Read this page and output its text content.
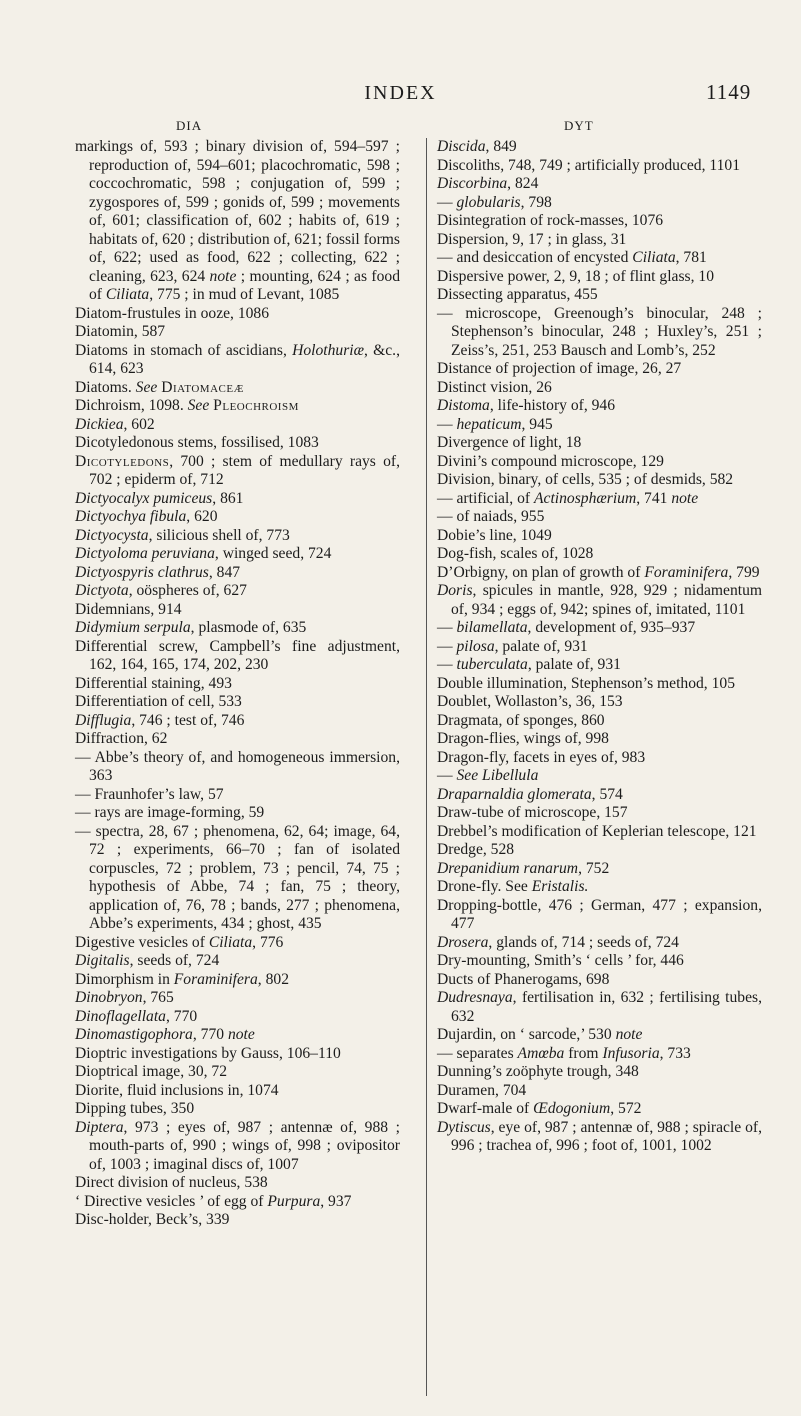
INDEX	1149
DIA	DYT

markings of, 593 ; binary division of, 594–597 ; reproduction of, 594–601; placochromatic, 598 ; coccochromatic, 598 ; conjugation of, 599 ; zygospores of, 599 ; gonids of, 599 ; movements of, 601; classification of, 602 ; habits of, 619 ; habitats of, 620 ; distribution of, 621; fossil forms of, 622; used as food, 622 ; collecting, 622 ; cleaning, 623, 624 note ; mounting, 624 ; as food of Ciliata, 775 ; in mud of Levant, 1085

Diatom-frustules in ooze, 1086

Diatomin, 587

Diatoms in stomach of ascidians, Holothuriæ, &c., 614, 623

Diatoms. See Diatomaceæ

Dichroism, 1098. See Pleochroism

Dickiea, 602

Dicotyledonous stems, fossilised, 1083

Dicotyledons, 700 ; stem of medullary rays of, 702 ; epiderm of, 712

Dictyocalyx pumiceus, 861

Dictyochya fibula, 620

Dictyocysta, silicious shell of, 773

Dictyoloma peruviana, winged seed, 724

Dictyospyris clathrus, 847

Dictyota, oöspheres of, 627

Didemnians, 914

Didymium serpula, plasmode of, 635

Differential screw, Campbell’s fine adjustment, 162, 164, 165, 174, 202, 230

Differential staining, 493

Differentiation of cell, 533

Difflugia, 746 ; test of, 746

Diffraction, 62

— Abbe’s theory of, and homogeneous immersion, 363

— Fraunhofer’s law, 57

— rays are image-forming, 59

— spectra, 28, 67 ; phenomena, 62, 64; image, 64, 72 ; experiments, 66–70 ; fan of isolated corpuscles, 72 ; problem, 73 ; pencil, 74, 75 ; hypothesis of Abbe, 74 ; fan, 75 ; theory, application of, 76, 78 ; bands, 277 ; phenomena, Abbe’s experiments, 434 ; ghost, 435

Digestive vesicles of Ciliata, 776

Digitalis, seeds of, 724

Dimorphism in Foraminifera, 802

Dinobryon, 765

Dinoflagellata, 770

Dinomastigophora, 770 note

Dioptric investigations by Gauss, 106–110

Dioptrical image, 30, 72

Diorite, fluid inclusions in, 1074

Dipping tubes, 350

Diptera, 973 ; eyes of, 987 ; antennæ of, 988 ; mouth-parts of, 990 ; wings of, 998 ; ovipositor of, 1003 ; imaginal discs of, 1007

Direct division of nucleus, 538

‘ Directive vesicles ’ of egg of Purpura, 937

Disc-holder, Beck’s, 339

Discida, 849

Discoliths, 748, 749 ; artificially produced, 1101

Discorbina, 824

— globularis, 798

Disintegration of rock-masses, 1076

Dispersion, 9, 17 ; in glass, 31

— and desiccation of encysted Ciliata, 781

Dispersive power, 2, 9, 18 ; of flint glass, 10

Dissecting apparatus, 455

— microscope, Greenough’s binocular, 248 ; Stephenson’s binocular, 248 ; Huxley’s, 251 ; Zeiss’s, 251, 253 Bausch and Lomb’s, 252

Distance of projection of image, 26, 27

Distinct vision, 26

Distoma, life-history of, 946

— hepaticum, 945

Divergence of light, 18

Divini’s compound microscope, 129

Division, binary, of cells, 535 ; of desmids, 582

— artificial, of Actinosphærium, 741 note

— of naiads, 955

Dobie’s line, 1049

Dog-fish, scales of, 1028

D’Orbigny, on plan of growth of Foraminifera, 799

Doris, spicules in mantle, 928, 929 ; nidamentum of, 934 ; eggs of, 942; spines of, imitated, 1101

— bilamellata, development of, 935–937

— pilosa, palate of, 931

— tuberculata, palate of, 931

Double illumination, Stephenson’s method, 105

Doublet, Wollaston’s, 36, 153

Dragmata, of sponges, 860

Dragon-flies, wings of, 998

Dragon-fly, facets in eyes of, 983

— See Libellula

Draparnaldia glomerata, 574

Draw-tube of microscope, 157

Drebbel’s modification of Keplerian telescope, 121

Dredge, 528

Drepanidium ranarum, 752

Drone-fly. See Eristalis.

Dropping-bottle, 476 ; German, 477 ; expansion, 477

Drosera, glands of, 714 ; seeds of, 724

Dry-mounting, Smith’s ‘ cells ’ for, 446

Ducts of Phanerogams, 698

Dudresnaya, fertilisation in, 632 ; fertilising tubes, 632

Dujardin, on ‘ sarcode,’ 530 note

— separates Amœba from Infusoria, 733

Dunning’s zoöphyte trough, 348

Duramen, 704

Dwarf-male of Œdogonium, 572

Dytiscus, eye of, 987 ; antennæ of, 988 ; spiracle of, 996 ; trachea of, 996 ; foot of, 1001, 1002
